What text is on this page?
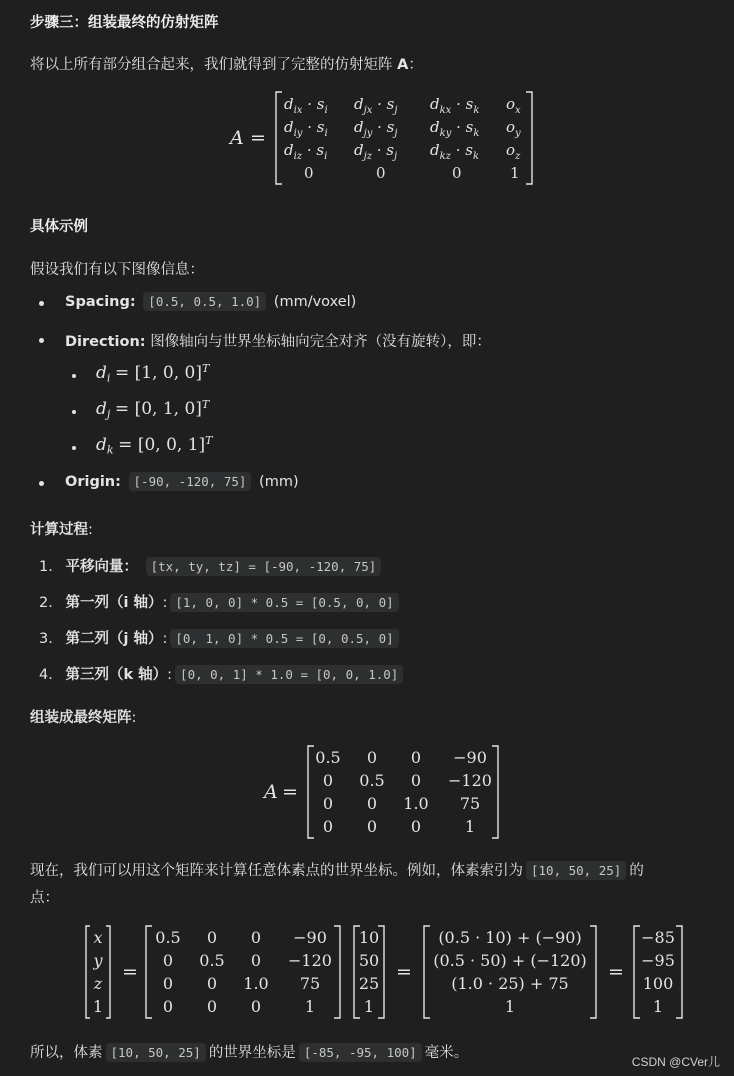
步骤三：组装最终的仿射矩阵
将以上所有部分组合起来，我们就得到了完整的仿射矩阵 A：
A =
$d_{ix} \cdot s_i$ $d_{jx} \cdot s_j$ $d_{kx} \cdot s_k$ $o_x$
$d_{iy} \cdot s_i$ $d_{jy} \cdot s_j$ $d_{ky} \cdot s_k$ $o_y$
$d_{iz} \cdot s_i$ $d_{jz} \cdot s_j$ $d_{kz} \cdot s_k$ $o_z$
0	0	0	1
具体示例
假设我们有以下图像信息：
Spacing: [0.5, 0.5, 1.0] (mm/voxel)
Direction: 图像轴向与世界坐标轴向完全对齐（没有旋转），即：
$d_i = [1$, 0, 0]$^T$
$d_j = [0$, 1, 0]$^T$
$d_k = [0$, 0, 1]$^T$
Origin: [-90, -120, 75] (mm)
计算过程:
1. 平移向量： [tx, ty, tz] = [-90, -120, 75]
2. 第一列（i 轴）: [1, 0, 0] * 0.5 = [0.5, 0, 0]
3. 第二列（j 轴）: [0, 1, 0] * 0.5 = [0, 0.5, 0]
4. 第三列（k 轴）: [0, 0, 1] * 1.0 = [0, 0, 1.0]
组装成最终矩阵:
A =
0.5 0 0 −90
0 0.5 0 −120
0 0 1.0 75
0 0 0	1
现在，我们可以用这个矩阵来计算任意体素点的世界坐标。例如，体素索引为 [10, 50, 25] 的
点：
x
y
z
1
=
0.5 0 0 −90
0 0.5 0 −120
0 0 1.0 75
0 0 0	1
10
50
25
1
=
(0.5 · 10) + (−90)
(0.5 · 50) + (−120)
(1.0 · 25) + 75
1
=
−85
−95
100
1
所以，体素 [10, 50, 25] 的世界坐标是 [-85, -95, 100] 毫米。
CSDN @CVer儿
